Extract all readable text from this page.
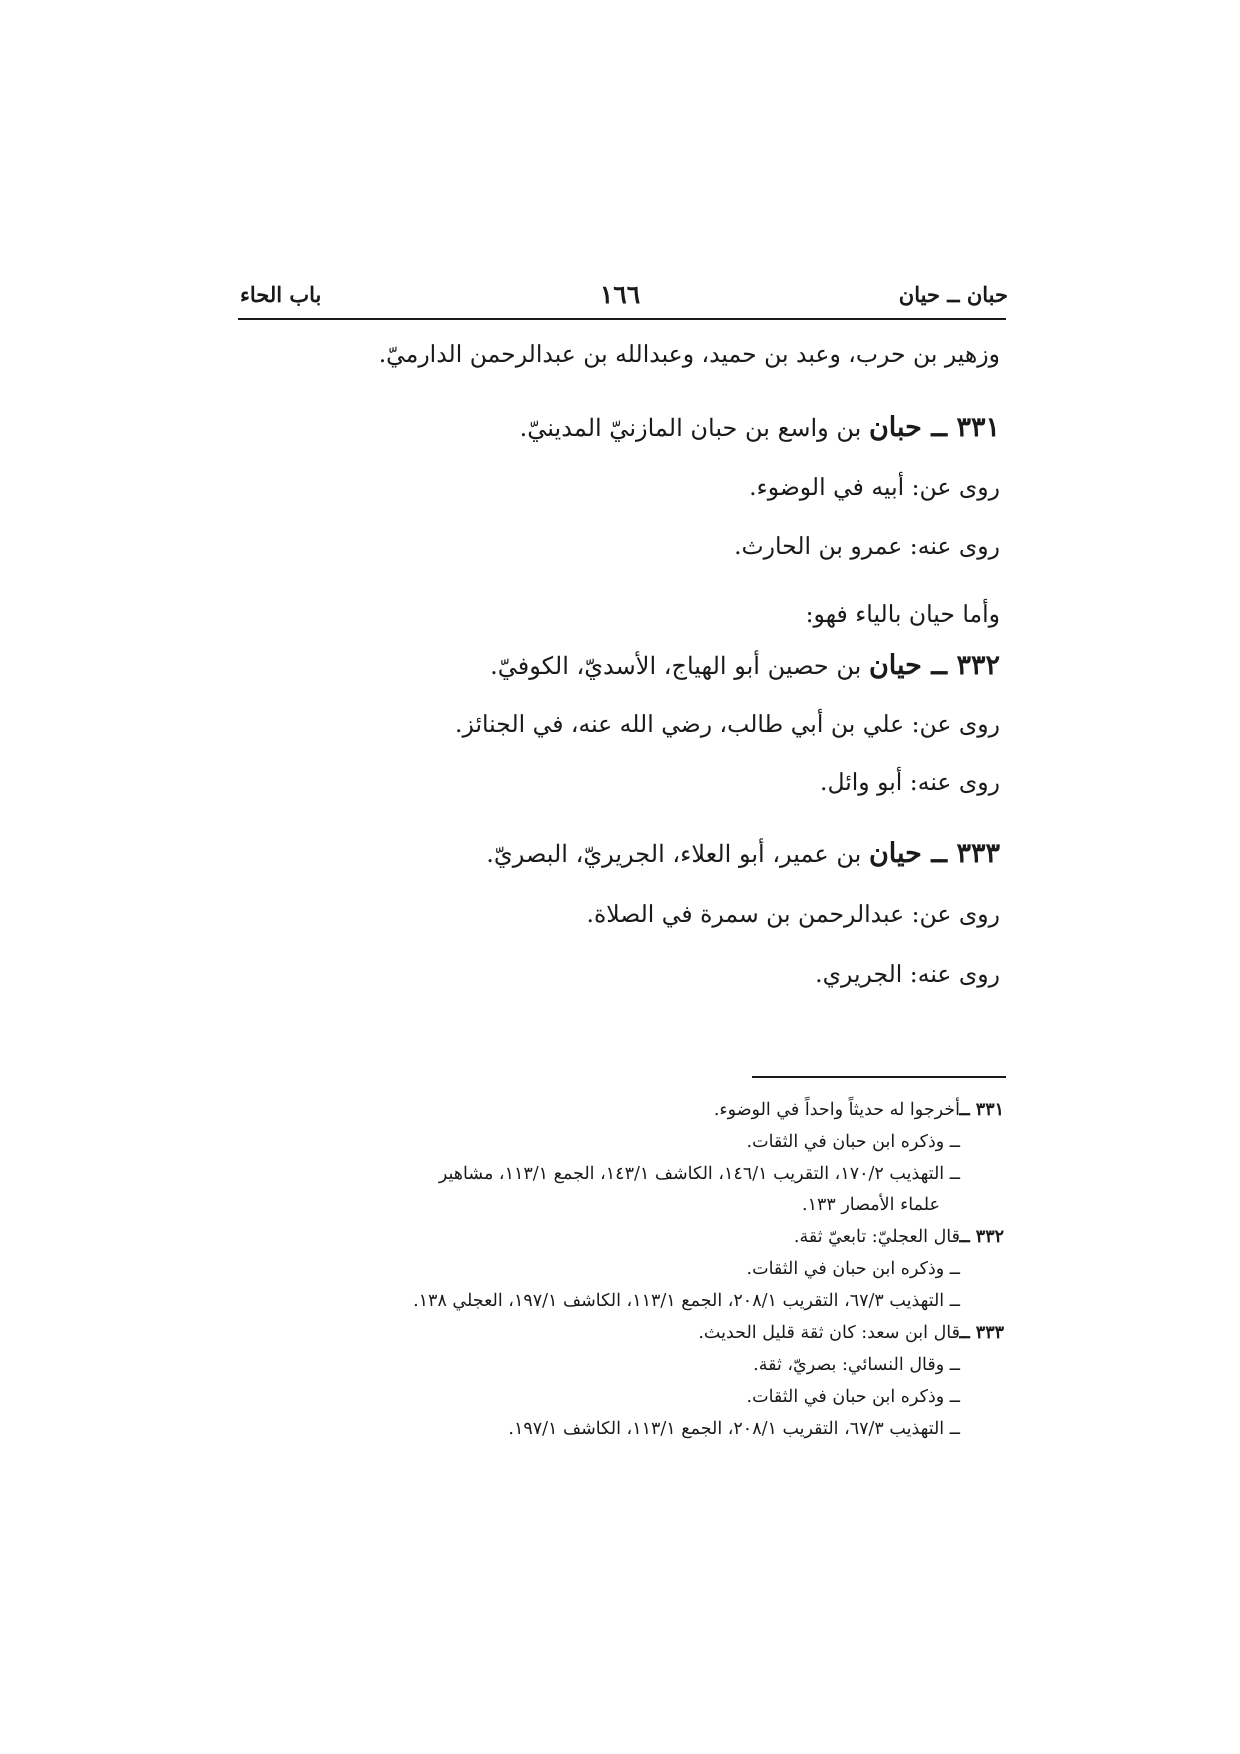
حبان ــ حيان
١٦٦
باب الحاء
وزهير بن حرب، وعبد بن حميد، وعبدالله بن عبدالرحمن الدارميّ.
٣٣١ ــ حبان بن واسع بن حبان المازنيّ المدينيّ.
روى عن: أبيه في الوضوء.
روى عنه: عمرو بن الحارث.
وأما حيان بالياء فهو:
٣٣٢ ــ حيان بن حصين أبو الهياج، الأسديّ، الكوفيّ.
روى عن: علي بن أبي طالب، رضي الله عنه، في الجنائز.
روى عنه: أبو وائل.
٣٣٣ ــ حيان بن عمير، أبو العلاء، الجريريّ، البصريّ.
روى عن: عبدالرحمن بن سمرة في الصلاة.
روى عنه: الجريري.
٣٣١ ــأخرجوا له حديثاً واحداً في الوضوء.
ــ وذكره ابن حبان في الثقات.
ــ التهذيب ١٧٠/٢، التقريب ١٤٦/١، الكاشف ١٤٣/١، الجمع ١١٣/١، مشاهير
علماء الأمصار ١٣٣.
٣٣٢ ــقال العجليّ: تابعيّ ثقة.
ــ وذكره ابن حبان في الثقات.
ــ التهذيب ٦٧/٣، التقريب ٢٠٨/١، الجمع ١١٣/١، الكاشف ١٩٧/١، العجلي ١٣٨.
٣٣٣ ــقال ابن سعد: كان ثقة قليل الحديث.
ــ وقال النسائي: بصريّ، ثقة.
ــ وذكره ابن حبان في الثقات.
ــ التهذيب ٦٧/٣، التقريب ٢٠٨/١، الجمع ١١٣/١، الكاشف ١٩٧/١.
